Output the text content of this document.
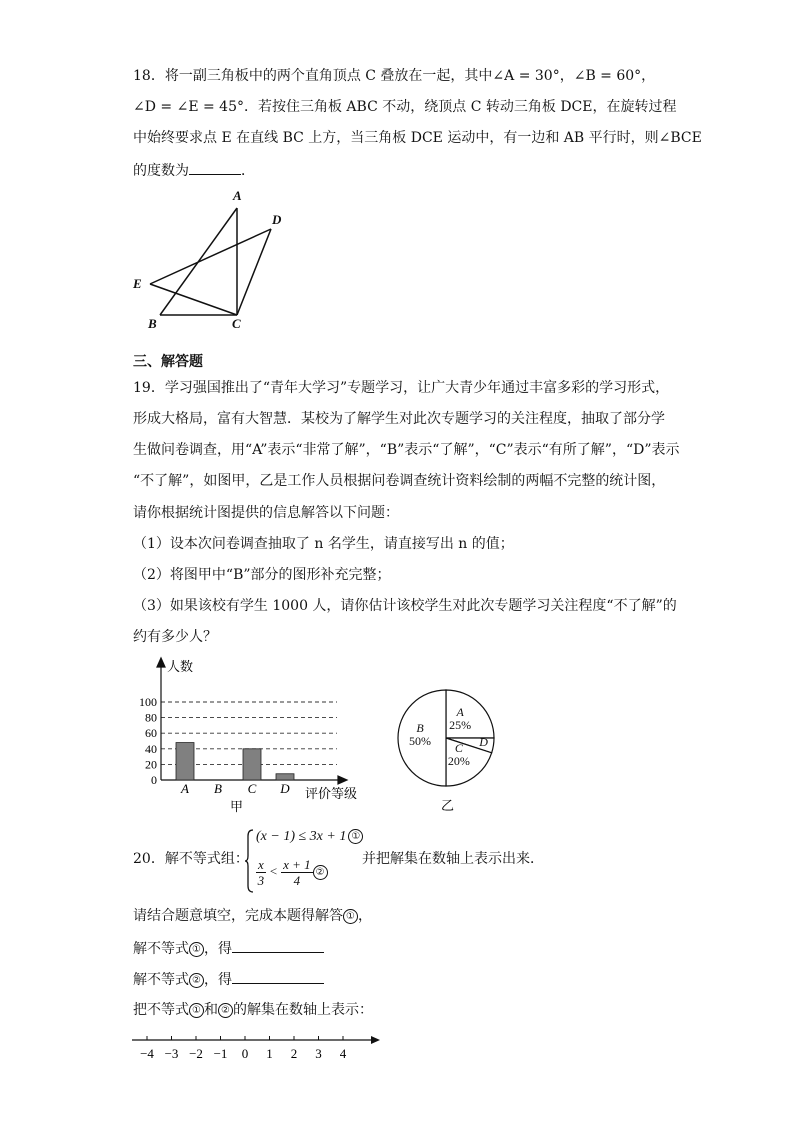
18．将一副三角板中的两个直角顶点 C 叠放在一起，其中∠A = 30°，∠B = 60°，
∠D = ∠E = 45°．若按住三角板 ABC 不动，绕顶点 C 转动三角板 DCE，在旋转过程
中始终要求点 E 在直线 BC 上方，当三角板 DCE 运动中，有一边和 AB 平行时，则∠BCE
的度数为	．
A
D
E
B	C
三、解答题
19．学习强国推出了“青年大学习”专题学习，让广大青少年通过丰富多彩的学习形式，
形成大格局，富有大智慧．某校为了解学生对此次专题学习的关注程度，抽取了部分学
生做问卷调查，用“A”表示“非常了解”，“B”表示“了解”，“C”表示“有所了解”，“D”表示
“不了解”，如图甲，乙是工作人员根据问卷调查统计资料绘制的两幅不完整的统计图，
请你根据统计图提供的信息解答以下问题：
（1）设本次问卷调查抽取了 n 名学生，请直接写出 n 的值；
（2）将图甲中“B”部分的图形补充完整；
（3）如果该校有学生 1000 人，请你估计该校学生对此次专题学习关注程度“不了解”的
约有多少人？
0
20
40
60
80
100
A B C D
人数
评价等级
甲
A
25%
B
50% C
20%
D
乙
20．解不等式组：
(x − 1) ≤ 3x + 1 ①
$\frac{x}{3} < \frac{x + 1}{4}$ ②
并把解集在数轴上表示出来．
请结合题意填空，完成本题得解答 ① ，
解不等式 ① ，得
解不等式 ② ，得
把不等式 ① 和 ② 的解集在数轴上表示：
−4 −3 −2 −1 0 1 2 3 4
